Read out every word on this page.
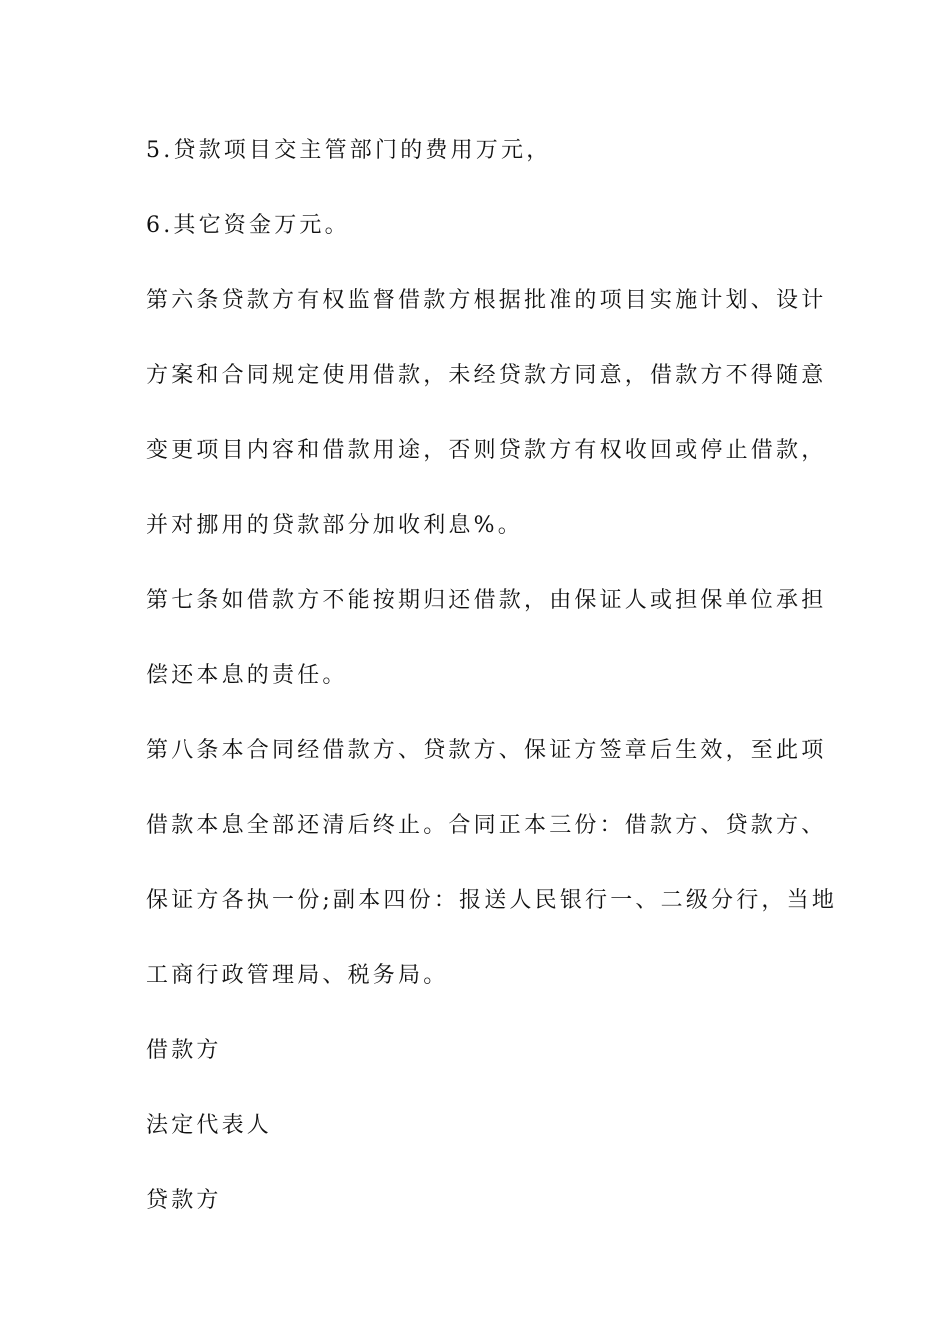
5.贷款项目交主管部门的费用万元，
6.其它资金万元。
第六条贷款方有权监督借款方根据批准的项目实施计划、设计
方案和合同规定使用借款，未经贷款方同意，借款方不得随意
变更项目内容和借款用途，否则贷款方有权收回或停止借款，
并对挪用的贷款部分加收利息%。
第七条如借款方不能按期归还借款，由保证人或担保单位承担
偿还本息的责任。
第八条本合同经借款方、贷款方、保证方签章后生效，至此项
借款本息全部还清后终止。合同正本三份：借款方、贷款方、
保证方各执一份;副本四份：报送人民银行一、二级分行，当地
工商行政管理局、税务局。
借款方
法定代表人
贷款方
